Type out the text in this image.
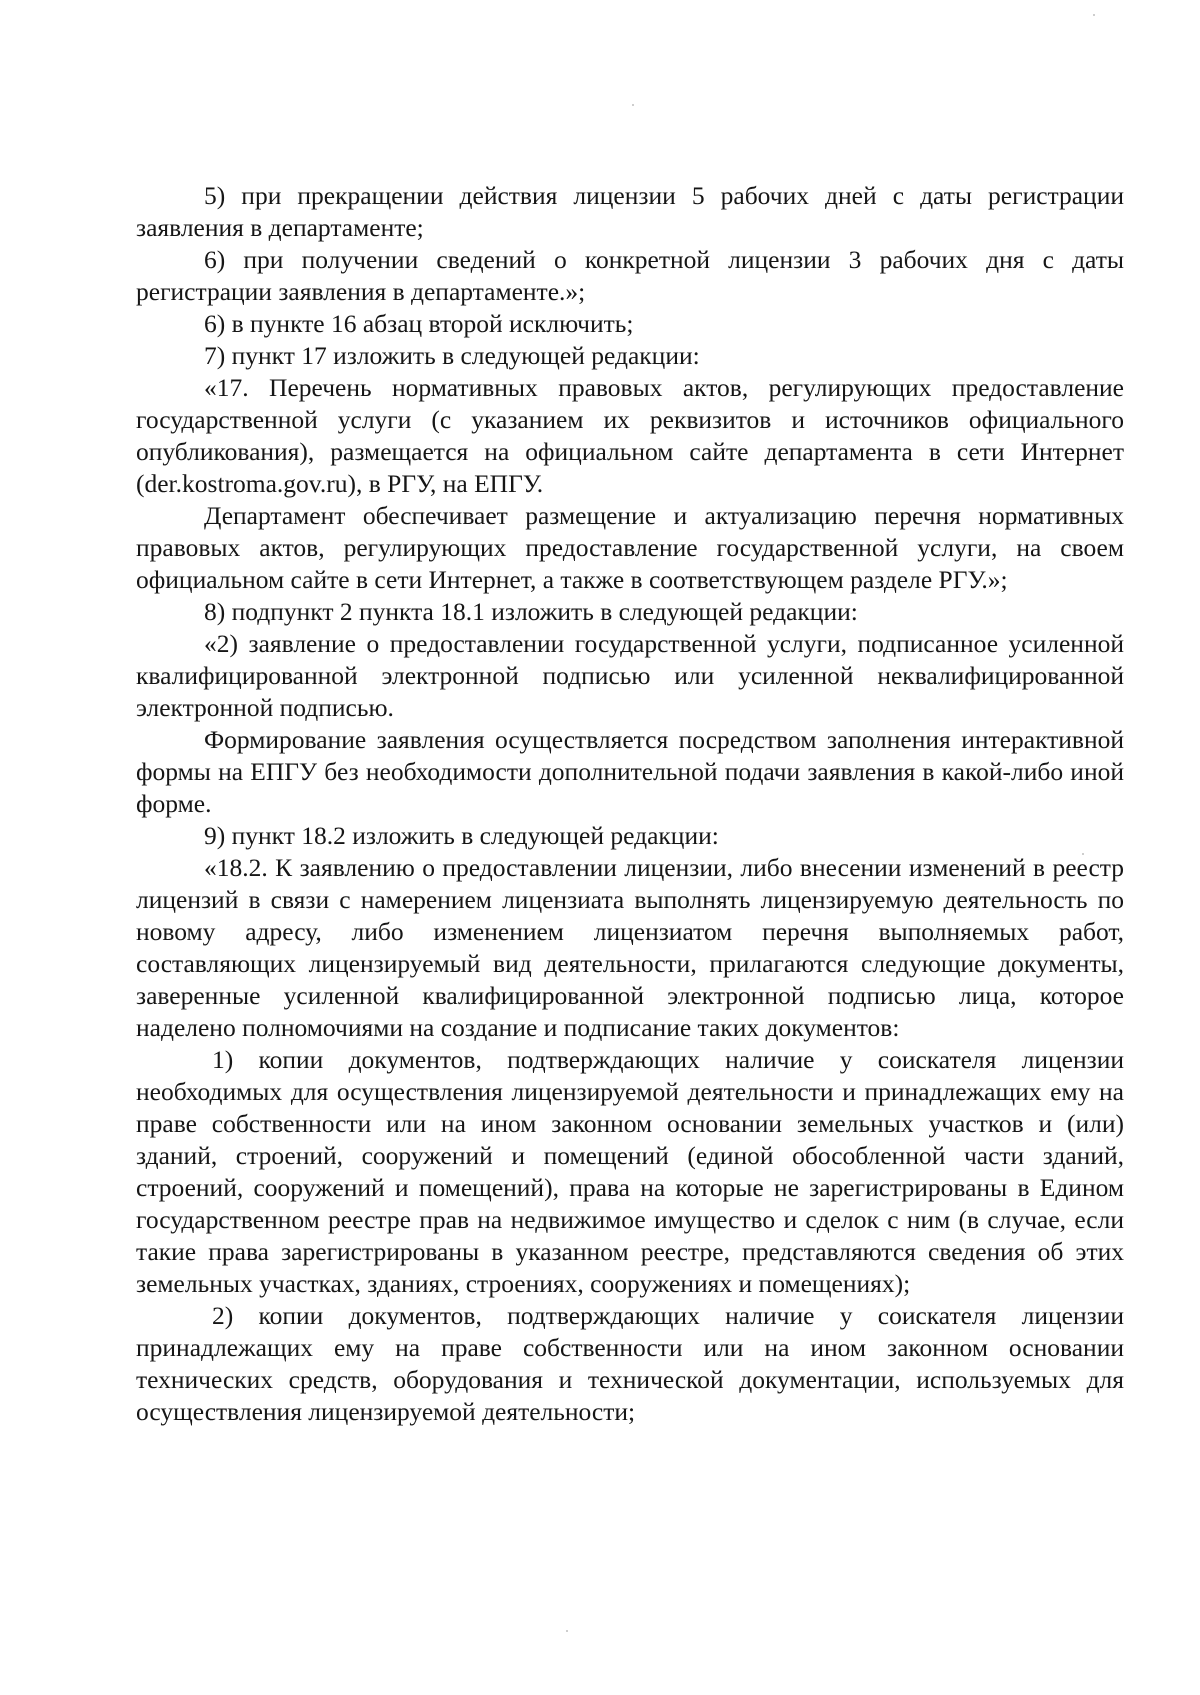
5) при прекращении действия лицензии 5 рабочих дней с даты регистрации заявления в департаменте;

6) при получении сведений о конкретной лицензии 3 рабочих дня с даты регистрации заявления в департаменте.»;

6) в пункте 16 абзац второй исключить;

7) пункт 17 изложить в следующей редакции:

«17. Перечень нормативных правовых актов, регулирующих предоставление государственной услуги (с указанием их реквизитов и источников официального опубликования), размещается на официальном сайте департамента в сети Интернет (der.kostroma.gov.ru), в РГУ, на ЕПГУ.

Департамент обеспечивает размещение и актуализацию перечня нормативных правовых актов, регулирующих предоставление государственной услуги, на своем официальном сайте в сети Интернет, а также в соответствующем разделе РГУ.»;

8) подпункт 2 пункта 18.1 изложить в следующей редакции:

«2) заявление о предоставлении государственной услуги, подписанное усиленной квалифицированной электронной подписью или усиленной неквалифицированной электронной подписью.

Формирование заявления осуществляется посредством заполнения интерактивной формы на ЕПГУ без необходимости дополнительной подачи заявления в какой-либо иной форме.

9) пункт 18.2 изложить в следующей редакции:

«18.2. К заявлению о предоставлении лицензии, либо внесении изменений в реестр лицензий в связи с намерением лицензиата выполнять лицензируемую деятельность по новому адресу, либо изменением лицензиатом перечня выполняемых работ, составляющих лицензируемый вид деятельности, прилагаются следующие документы, заверенные усиленной квалифицированной электронной подписью лица, которое наделено полномочиями на создание и подписание таких документов:

1) копии документов, подтверждающих наличие у соискателя лицензии необходимых для осуществления лицензируемой деятельности и принадлежащих ему на праве собственности или на ином законном основании земельных участков и (или) зданий, строений, сооружений и помещений (единой обособленной части зданий, строений, сооружений и помещений), права на которые не зарегистрированы в Едином государственном реестре прав на недвижимое имущество и сделок с ним (в случае, если такие права зарегистрированы в указанном реестре, представляются сведения об этих земельных участках, зданиях, строениях, сооружениях и помещениях);

2) копии документов, подтверждающих наличие у соискателя лицензии принадлежащих ему на праве собственности или на ином законном основании технических средств, оборудования и технической документации, используемых для осуществления лицензируемой деятельности;
